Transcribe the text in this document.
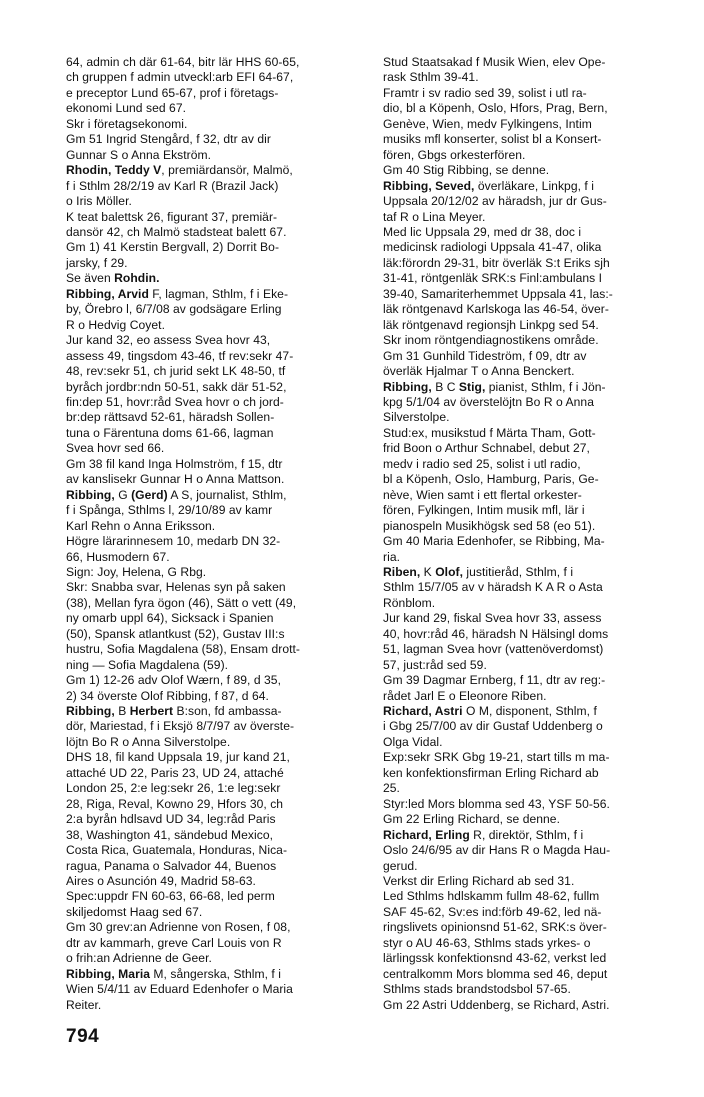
64, admin ch där 61-64, bitr lär HHS 60-65,
ch gruppen f admin utveckl:arb EFI 64-67,
e preceptor Lund 65-67, prof i företags-
ekonomi Lund sed 67.
Skr i företagsekonomi.
Gm 51 Ingrid Stengård, f 32, dtr av dir
Gunnar S o Anna Ekström.
Rhodin, Teddy V, premiärdansör, Malmö,
f i Sthlm 28/2/19 av Karl R (Brazil Jack)
o Iris Möller.
K teat balettsk 26, figurant 37, premiär-
dansör 42, ch Malmö stadsteat balett 67.
Gm 1) 41 Kerstin Bergvall, 2) Dorrit Bo-
jarsky, f 29.
Se även Rohdin.
Ribbing, Arvid F, lagman, Sthlm, f i Eke-
by, Örebro l, 6/7/08 av godsägare Erling
R o Hedvig Coyet.
Jur kand 32, eo assess Svea hovr 43,
assess 49, tingsdom 43-46, tf rev:sekr 47-
48, rev:sekr 51, ch jurid sekt LK 48-50, tf
byråch jordbr:ndn 50-51, sakk där 51-52,
fin:dep 51, hovr:råd Svea hovr o ch jord-
br:dep rättsavd 52-61, häradsh Sollen-
tuna o Färentuna doms 61-66, lagman
Svea hovr sed 66.
Gm 38 fil kand Inga Holmström, f 15, dtr
av kanslisekr Gunnar H o Anna Mattson.
Ribbing, G (Gerd) A S, journalist, Sthlm,
f i Spånga, Sthlms l, 29/10/89 av kamr
Karl Rehn o Anna Eriksson.
Högre lärarinnesem 10, medarb DN 32-
66, Husmodern 67.
Sign: Joy, Helena, G Rbg.
Skr: Snabba svar, Helenas syn på saken
(38), Mellan fyra ögon (46), Sätt o vett (49,
ny omarb uppl 64), Sicksack i Spanien
(50), Spansk atlantkust (52), Gustav III:s
hustru, Sofia Magdalena (58), Ensam drott-
ning — Sofia Magdalena (59).
Gm 1) 12-26 adv Olof Wærn, f 89, d 35,
2) 34 överste Olof Ribbing, f 87, d 64.
Ribbing, B Herbert B:son, fd ambassa-
dör, Mariestad, f i Eksjö 8/7/97 av överste-
löjtn Bo R o Anna Silverstolpe.
DHS 18, fil kand Uppsala 19, jur kand 21,
attaché UD 22, Paris 23, UD 24, attaché
London 25, 2:e leg:sekr 26, 1:e leg:sekr
28, Riga, Reval, Kowno 29, Hfors 30, ch
2:a byrån hdlsavd UD 34, leg:råd Paris
38, Washington 41, sändebud Mexico,
Costa Rica, Guatemala, Honduras, Nica-
ragua, Panama o Salvador 44, Buenos
Aires o Asunción 49, Madrid 58-63.
Spec:uppdr FN 60-63, 66-68, led perm
skiljedomst Haag sed 67.
Gm 30 grev:an Adrienne von Rosen, f 08,
dtr av kammarh, greve Carl Louis von R
o frih:an Adrienne de Geer.
Ribbing, Maria M, sångerska, Sthlm, f i
Wien 5/4/11 av Eduard Edenhofer o Maria
Reiter.
Stud Staatsakad f Musik Wien, elev Ope-
rask Sthlm 39-41.
Framtr i sv radio sed 39, solist i utl ra-
dio, bl a Köpenh, Oslo, Hfors, Prag, Bern,
Genève, Wien, medv Fylkingens, Intim
musiks mfl konserter, solist bl a Konsert-
fören, Gbgs orkesterfören.
Gm 40 Stig Ribbing, se denne.
Ribbing, Seved, överläkare, Linkpg, f i
Uppsala 20/12/02 av häradsh, jur dr Gus-
taf R o Lina Meyer.
Med lic Uppsala 29, med dr 38, doc i
medicinsk radiologi Uppsala 41-47, olika
läk:förordn 29-31, bitr överläk S:t Eriks sjh
31-41, röntgenläk SRK:s Finl:ambulans I
39-40, Samariterhemmet Uppsala 41, las:-
läk röntgenavd Karlskoga las 46-54, över-
läk röntgenavd regionsjh Linkpg sed 54.
Skr inom röntgendiagnostikens område.
Gm 31 Gunhild Tideström, f 09, dtr av
överläk Hjalmar T o Anna Benckert.
Ribbing, B C Stig, pianist, Sthlm, f i Jön-
kpg 5/1/04 av överstelöjtn Bo R o Anna
Silverstolpe.
Stud:ex, musikstud f Märta Tham, Gott-
frid Boon o Arthur Schnabel, debut 27,
medv i radio sed 25, solist i utl radio,
bl a Köpenh, Oslo, Hamburg, Paris, Ge-
nève, Wien samt i ett flertal orkester-
fören, Fylkingen, Intim musik mfl, lär i
pianospeln Musikhögsk sed 58 (eo 51).
Gm 40 Maria Edenhofer, se Ribbing, Ma-
ria.
Riben, K Olof, justitieråd, Sthlm, f i
Sthlm 15/7/05 av v häradsh K A R o Asta
Rönblom.
Jur kand 29, fiskal Svea hovr 33, assess
40, hovr:råd 46, häradsh N Hälsingl doms
51, lagman Svea hovr (vattenöverdomst)
57, just:råd sed 59.
Gm 39 Dagmar Ernberg, f 11, dtr av reg:-
rådet Jarl E o Eleonore Riben.
Richard, Astri O M, disponent, Sthlm, f
i Gbg 25/7/00 av dir Gustaf Uddenberg o
Olga Vidal.
Exp:sekr SRK Gbg 19-21, start tills m ma-
ken konfektionsfirman Erling Richard ab
25.
Styr:led Mors blomma sed 43, YSF 50-56.
Gm 22 Erling Richard, se denne.
Richard, Erling R, direktör, Sthlm, f i
Oslo 24/6/95 av dir Hans R o Magda Hau-
gerud.
Verkst dir Erling Richard ab sed 31.
Led Sthlms hdlskamm fullm 48-62, fullm
SAF 45-62, Sv:es ind:förb 49-62, led nä-
ringslivets opinionsnd 51-62, SRK:s över-
styr o AU 46-63, Sthlms stads yrkes- o
lärlingssk konfektionsnd 43-62, verkst led
centralkomm Mors blomma sed 46, deput
Sthlms stads brandstodsbol 57-65.
Gm 22 Astri Uddenberg, se Richard, Astri.
794
